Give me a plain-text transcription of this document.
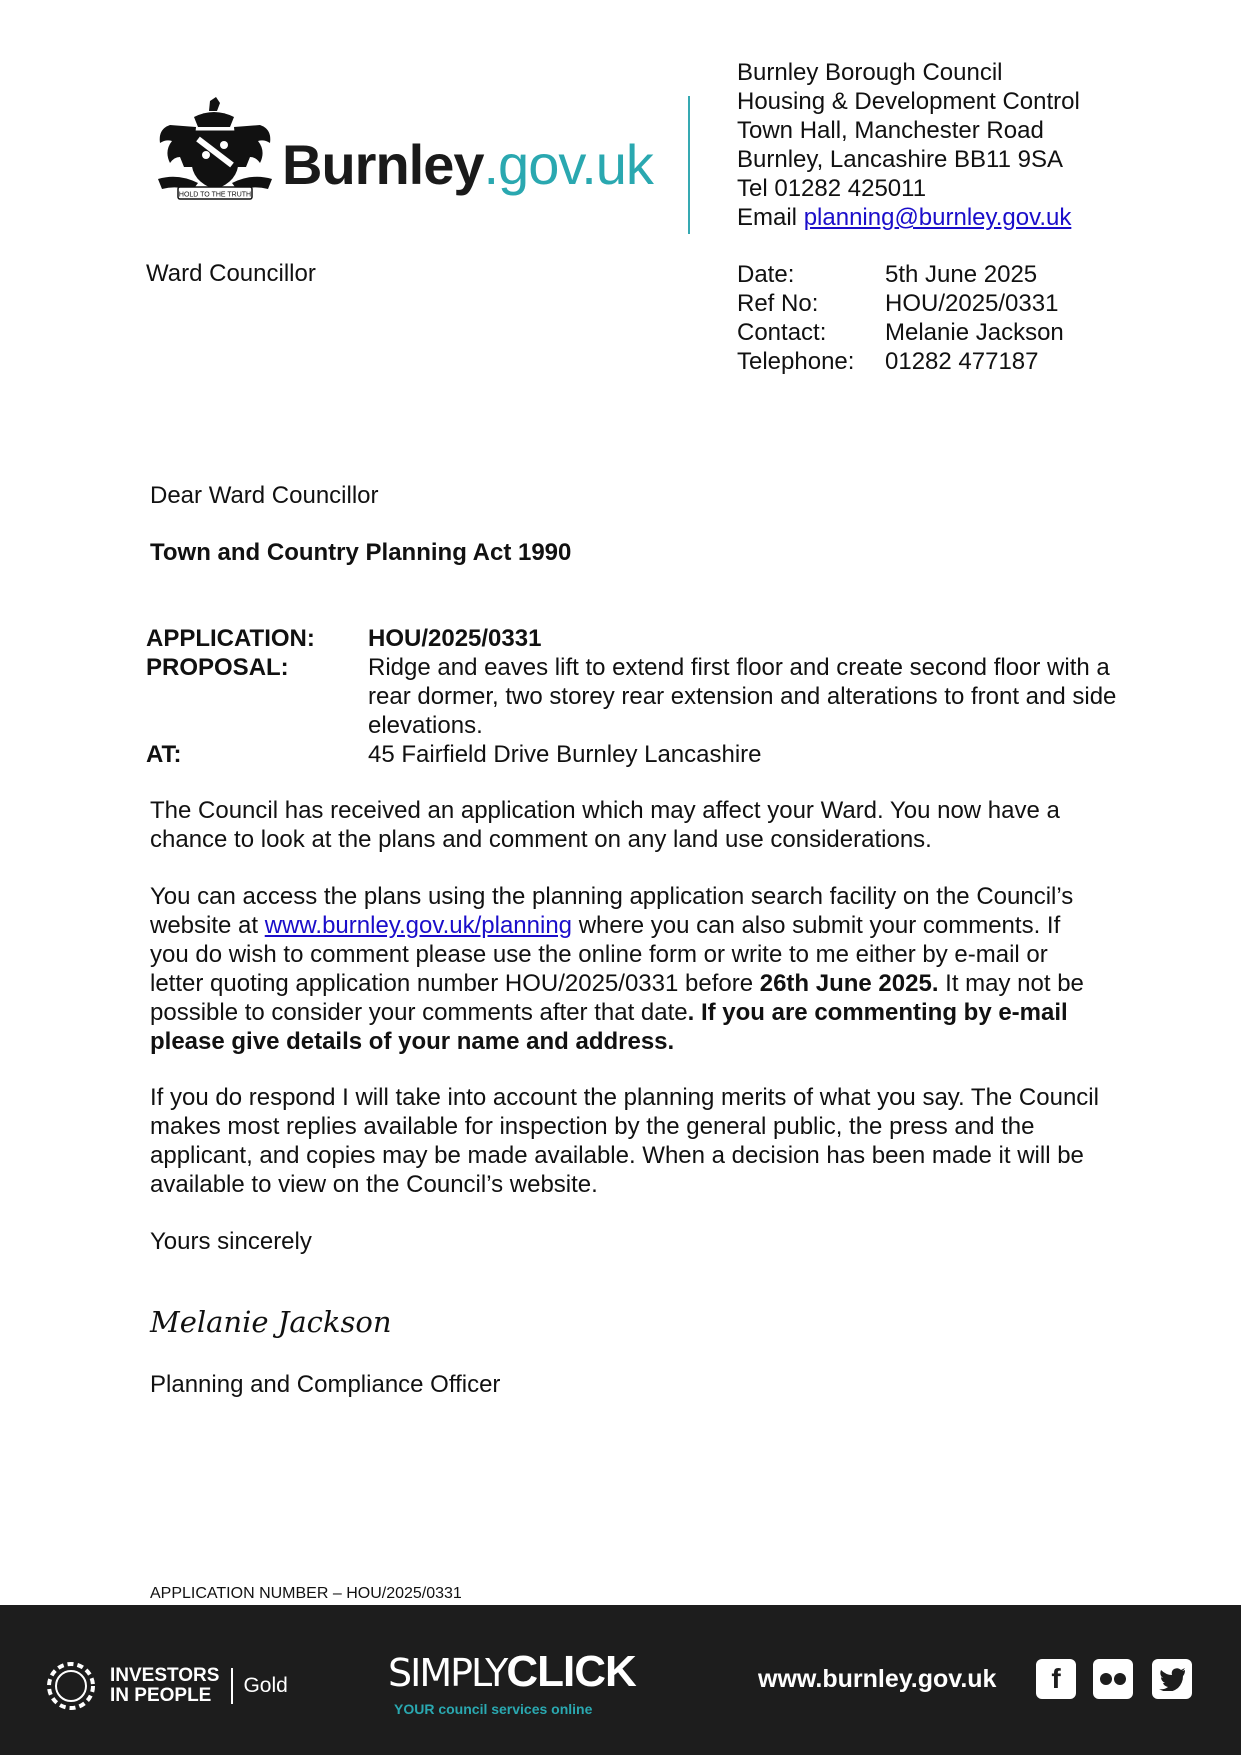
HOLD TO THE TRUTH Burnley.gov.uk
Burnley Borough Council
Housing & Development Control
Town Hall, Manchester Road
Burnley, Lancashire BB11 9SA
Tel 01282 425011
Email planning@burnley.gov.uk
Ward Councillor	Date:	5th June 2025
Ref No:	HOU/2025/0331
Contact:	Melanie Jackson
Telephone:	01282 477187
Dear Ward Councillor
Town and Country Planning Act 1990
APPLICATION:	HOU/2025/0331
PROPOSAL:	Ridge and eaves lift to extend first floor and create second floor with a rear dormer, two storey rear extension and alterations to front and side elevations.
AT:	45 Fairfield Drive Burnley Lancashire
The Council has received an application which may affect your Ward. You now have a chance to look at the plans and comment on any land use considerations.
You can access the plans using the planning application search facility on the Council’s website at www.burnley.gov.uk/planning where you can also submit your comments. If you do wish to comment please use the online form or write to me either by e-mail or letter quoting application number HOU/2025/0331 before 26th June 2025. It may not be possible to consider your comments after that date. If you are commenting by e-mail please give details of your name and address.
If you do respond I will take into account the planning merits of what you say. The Council makes most replies available for inspection by the general public, the press and the applicant, and copies may be made available. When a decision has been made it will be available to view on the Council’s website.
Yours sincerely
Melanie Jackson
Planning and Compliance Officer
APPLICATION NUMBER – HOU/2025/0331
INVESTORS
IN PEOPLE	Gold	SIMPLYCLICK
YOUR council services online
www.burnley.gov.uk	f
